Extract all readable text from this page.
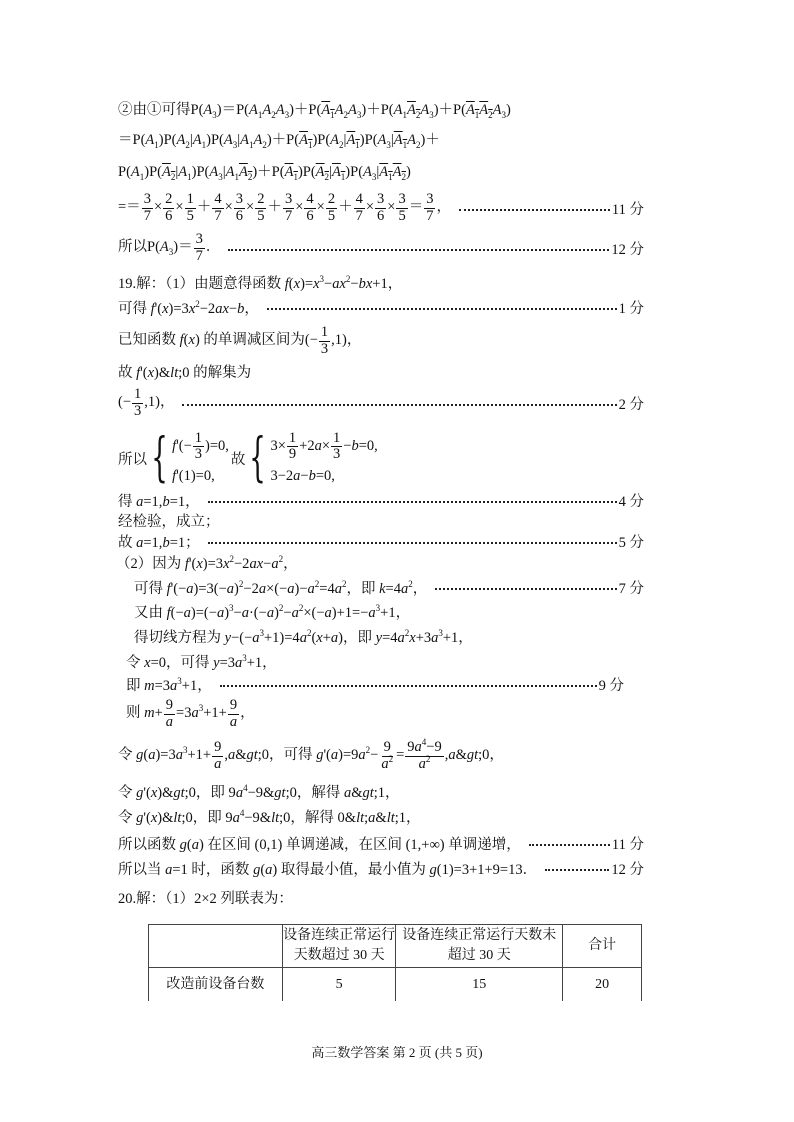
②由①可得$P(A_3)=P(A_1A_2A_3)+P(A_1A_2A_3)+P(A_1A_2A_3)+P(A_1A_2A_3)$
$=P(A_1)P(A_2|A_1)P(A_3|A_1A_2)+P(A_1)P(A_2|A_1)P(A_3|A_1A_2)+$
$P(A_1)P(A_2|A_1)P(A_3|A_1A_2)+P(A_1)P(A_2|A_1)P(A_3|A_1A_2)$
=＝ $\frac{3}{7} \times \frac{2}{6} \times \frac{1}{5} + \frac{4}{7} \times \frac{3}{6} \times \frac{2}{5} + \frac{3}{7} \times \frac{4}{6} \times \frac{2}{5} + \frac{4}{7} \times \frac{3}{6} \times \frac{3}{5} = \frac{3}{7}$ ，	11 分
所以$P(A_3)= \frac{3}{7}$ ．	12 分
19.解：（1）由题意得函数 $f(x)=x^3-ax^2-bx+1$，
可得 $f'(x)=3x^2-2ax-b$，	1 分
已知函数 f(x) 的单调减区间为(− $\frac{1}{3} ,1$)，
故 f'(x)&lt;0 的解集为
(− $\frac{1}{3} ,1$)，	2 分
所以 { $f'(- \frac{1}{3} )=0$,
f'(1)=0,
故 { $3\times \frac{1}{9} +2a\times \frac{1}{3} -b=0$,
3−2a−b=0,
得 a=1,b=1，	4 分
经检验，成立；
故 a=1,b=1；	5 分
（2）因为 $f'(x)=3x^2-2ax-a^2$，
可得 $f'(-a)=3(-a)^2-2a\times(-a)-a^2=4a^2$，即 $k=4a^2$，	7 分
又由 $f(-a)=(-a)^3-a\cdot(-a)^2-a^2\times(-a)+1=-a^3+1$，
得切线方程为 $y-(-a^3+1)=4a^2(x+a)$，即 $y=4a^2x+3a^3+1$，
令 x=0，可得 $y=3a^3+1$，
即 $m=3a^3+1$，	9 分
则 $m+ \frac{9}{a} =3a^3+1+ \frac{9}{a}$ ，
令 $g(a)=3a^3+1+ \frac{9}{a}$ ,a&gt;0，可得 $g'(a)=9a^2- \frac{9}{a^2} = \frac{9a^4-9}{a^2}$ ,a&gt;0，
令 g'(x)&gt;0，即 $9a^4-9\&gt;0$，解得 a&gt;1，
令 g'(x)&lt;0，即 $9a^4-9\&lt;0$，解得 0&lt;a&lt;1，
所以函数 g(a) 在区间 (0,1) 单调递减，在区间 (1,+∞) 单调递增，	11 分
所以当 a=1 时，函数 g(a) 取得最小值，最小值为 g(1)=3+1+9=13．	12 分
20.解：（1）2×2 列联表为：
	设备连续正常运行天数超过 30 天	设备连续正常运行天数未超过 30 天	合计
改造前设备台数	5	15	20
高三数学答案 第 2 页 (共 5 页)
